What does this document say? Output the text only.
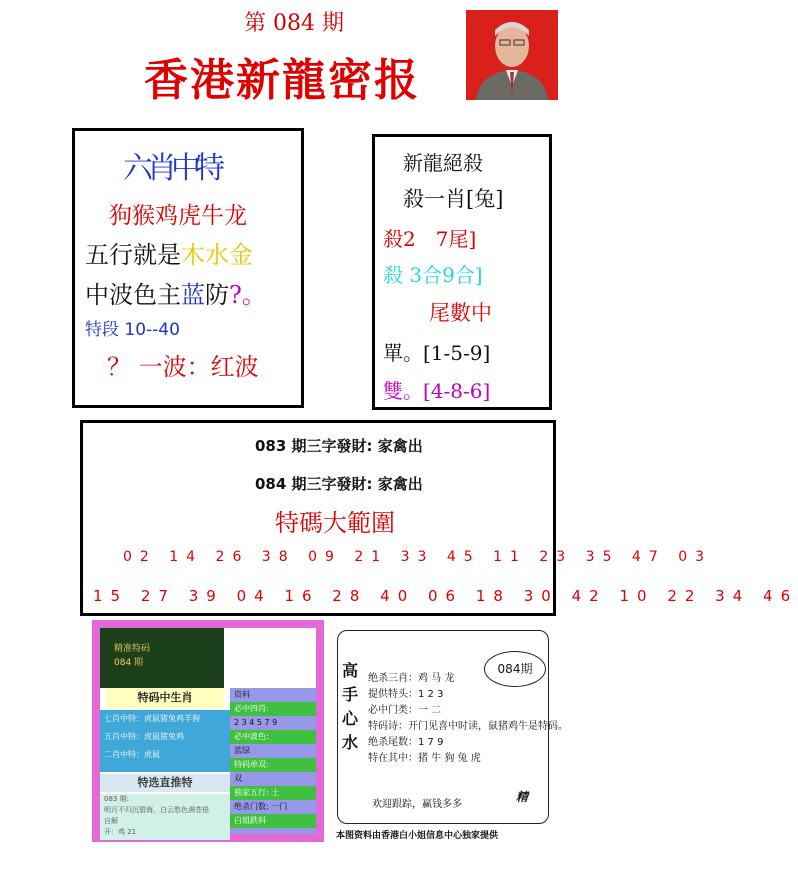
第 084 期
香港新龍密报
六肖中特
狗猴鸡虎牛龙
五行就是木水金
中波色主蓝防?。
特段 10--40
？ 一波：红波
新龍絕殺
殺一肖[兔]
殺2　7尾]
殺 3合9合]
尾數中
單。[1-5-9]
雙。[4-8-6]
083 期三字發財: 家禽出
084 期三字發財: 家禽出
特碼大範圍
02 14 26 38 09 21 33 45 11 23 35 47 03
15 27 39 04 16 28 40 06 18 30 42 10 22 34 46
精准特码
084 期
特码中生肖
七肖中特：虎鼠猪兔鸡羊狗
五肖中特：虎鼠猪兔鸡
二肖中特：虎鼠
特选直推特
083 期:
明月不归沉碧海，白云愁色满苍梧
自解
开：鸡 21
资料
必中四肖:
2 3 4 5 7 9
必中波色:
蓝绿
特码单双:
双
独家五行: 土
绝杀门数: 一门
白姐跌料
高
手
心
水
084期
绝杀三肖：鸡 马 龙
提供特头：1 2 3
必中门类：一 二
特码诗：开门见喜中时读，鼠猪鸡牛是特码。
绝杀尾数：1 7 9
特在其中：猪 牛 狗 兔 虎
欢迎跟踪，赢钱多多
精
本图资料由香港白小姐信息中心独家提供
